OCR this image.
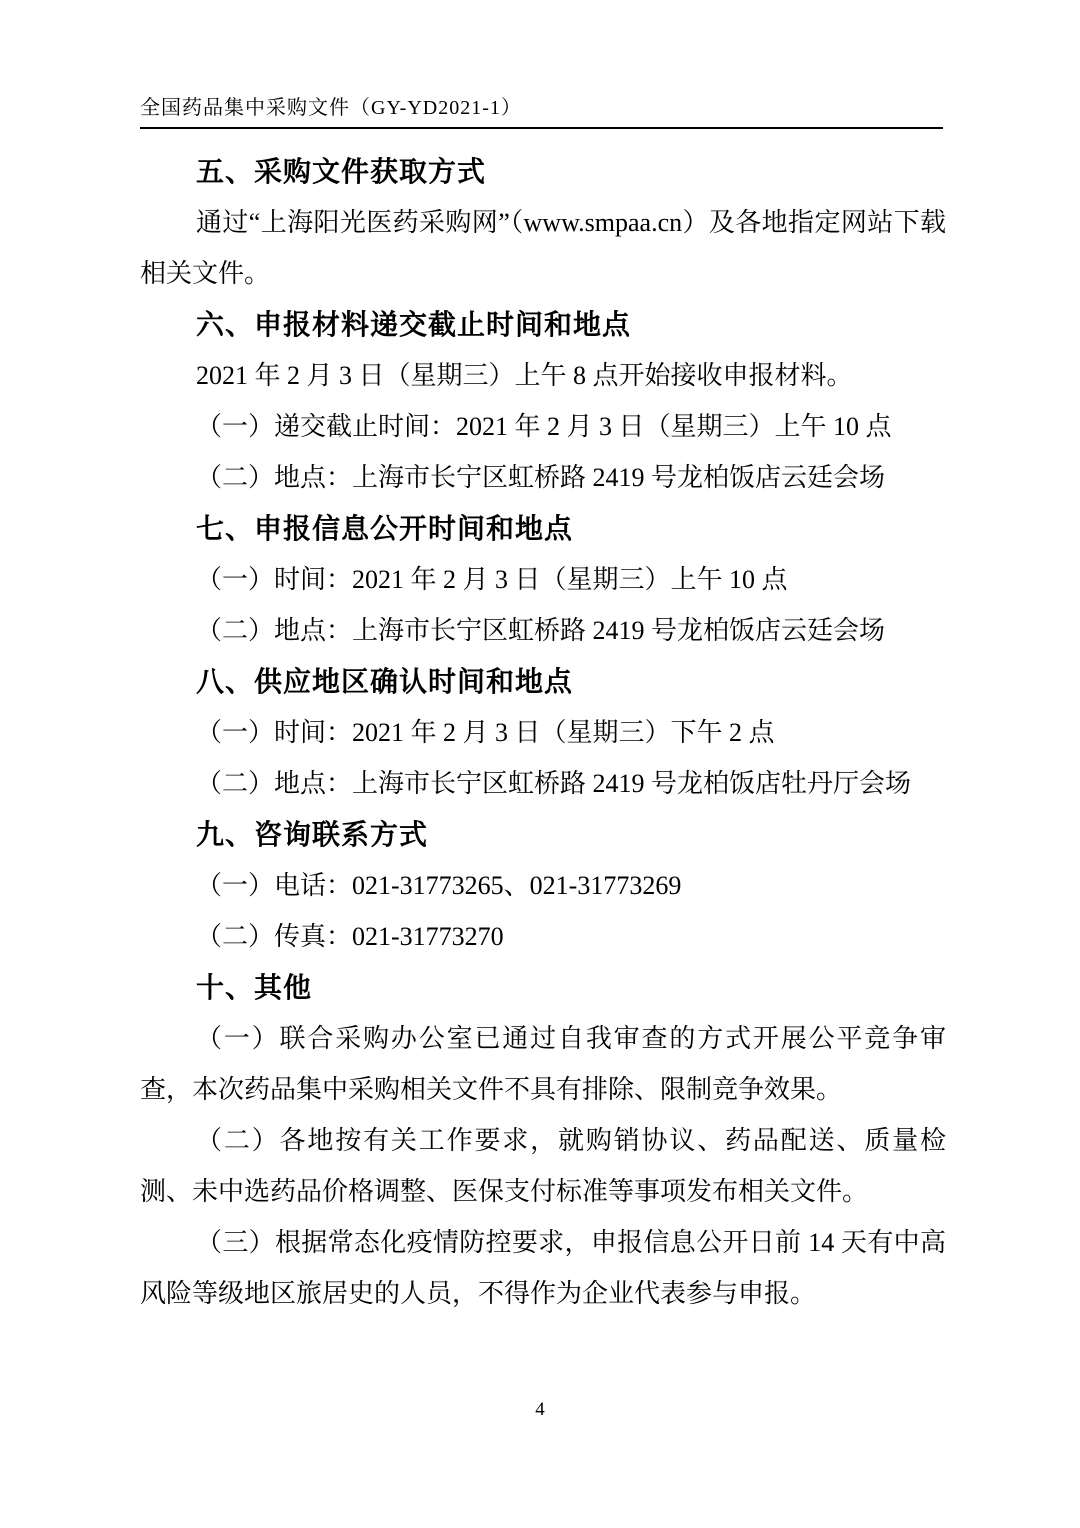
全国药品集中采购文件（GY-YD2021-1）
五、采购文件获取方式

通过“上海阳光医药采购网”（www.smpaa.cn）及各地指定网站下载相关文件。

六、申报材料递交截止时间和地点

2021 年 2 月 3 日（星期三）上午 8 点开始接收申报材料。

（一）递交截止时间：2021 年 2 月 3 日（星期三）上午 10 点

（二）地点：上海市长宁区虹桥路 2419 号龙柏饭店云廷会场

七、申报信息公开时间和地点

（一）时间：2021 年 2 月 3 日（星期三）上午 10 点

（二）地点：上海市长宁区虹桥路 2419 号龙柏饭店云廷会场

八、供应地区确认时间和地点

（一）时间：2021 年 2 月 3 日（星期三）下午 2 点

（二）地点：上海市长宁区虹桥路 2419 号龙柏饭店牡丹厅会场

九、咨询联系方式

（一）电话：021-31773265、021-31773269

（二）传真：021-31773270

十、其他

（一）联合采购办公室已通过自我审查的方式开展公平竞争审查，本次药品集中采购相关文件不具有排除、限制竞争效果。

（二）各地按有关工作要求，就购销协议、药品配送、质量检测、未中选药品价格调整、医保支付标准等事项发布相关文件。

（三）根据常态化疫情防控要求，申报信息公开日前 14 天有中高风险等级地区旅居史的人员，不得作为企业代表参与申报。

4
